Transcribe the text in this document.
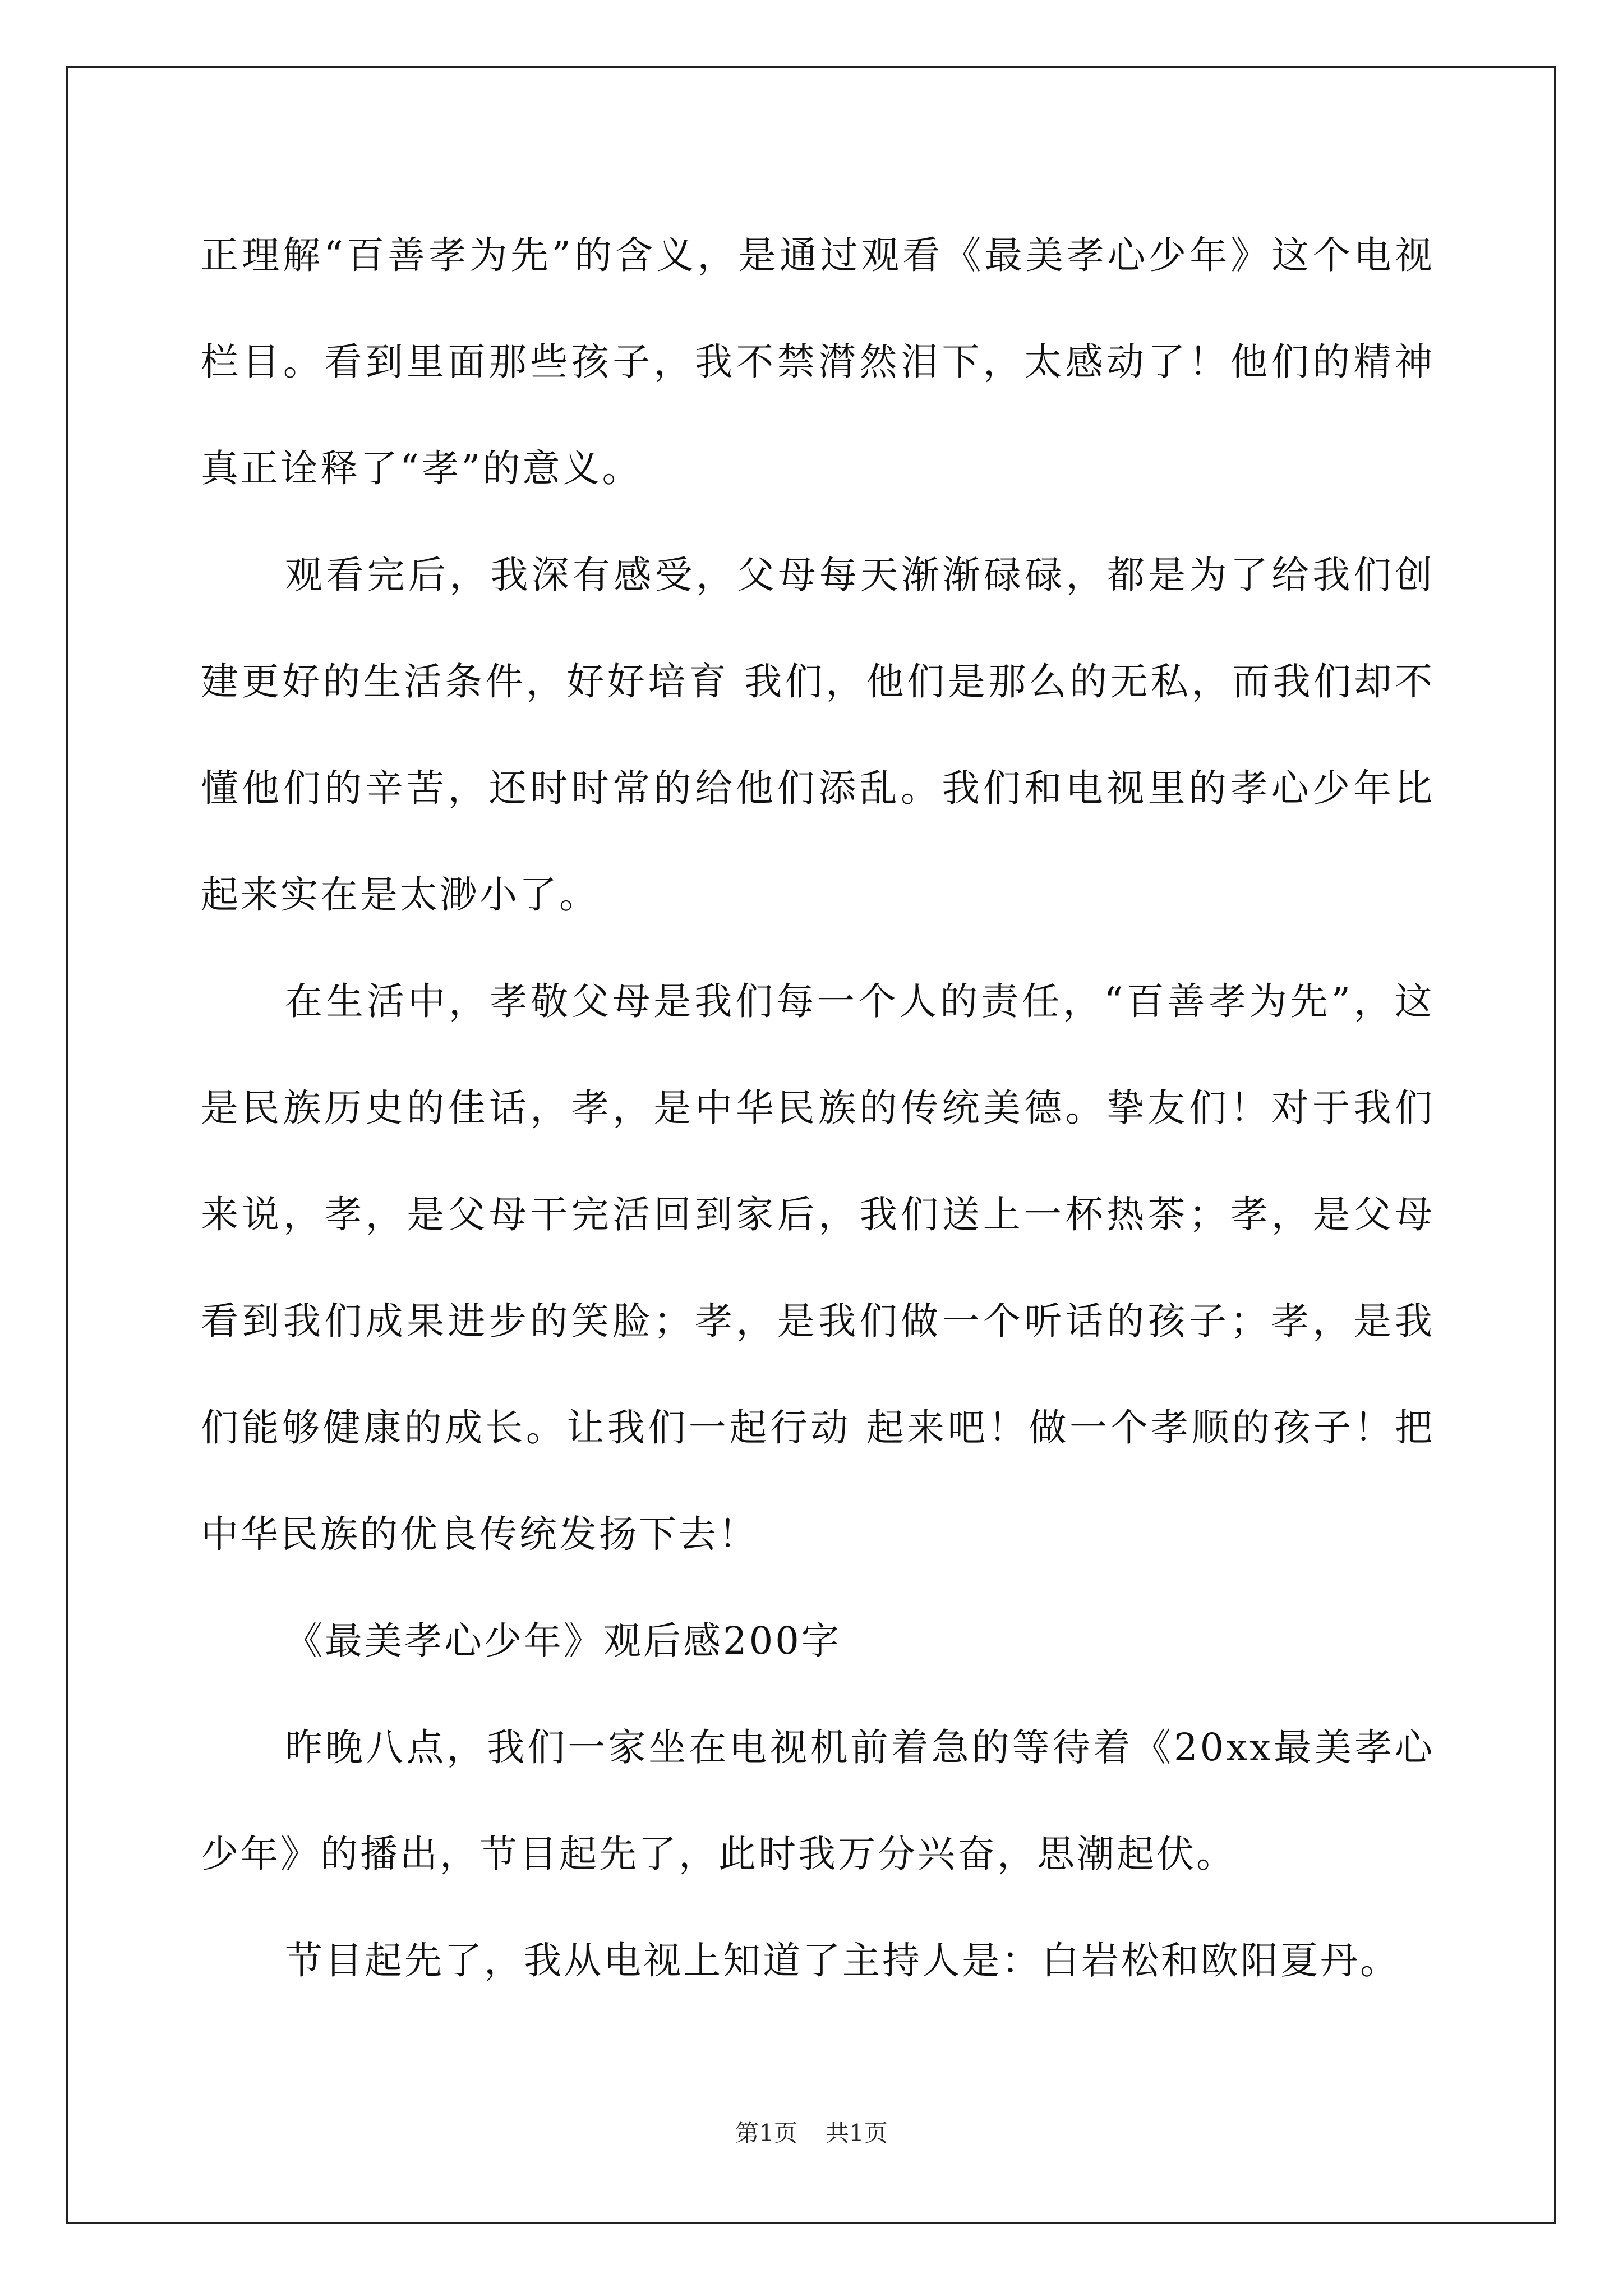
正理解“百善孝为先”的含义，是通过观看《最美孝心少年》这个电视栏目。看到里面那些孩子，我不禁潸然泪下，太感动了！他们的精神真正诠释了“孝”的意义。

观看完后，我深有感受，父母每天渐渐碌碌，都是为了给我们创建更好的生活条件，好好培育 我们，他们是那么的无私，而我们却不懂他们的辛苦，还时时常的给他们添乱。我们和电视里的孝心少年比起来实在是太渺小了。

在生活中，孝敬父母是我们每一个人的责任，“百善孝为先”，这是民族历史的佳话，孝，是中华民族的传统美德。挚友们！对于我们来说，孝，是父母干完活回到家后，我们送上一杯热茶；孝，是父母看到我们成果进步的笑脸；孝，是我们做一个听话的孩子；孝，是我们能够健康的成长。让我们一起行动 起来吧！做一个孝顺的孩子！把中华民族的优良传统发扬下去！

《最美孝心少年》观后感200字

昨晚八点，我们一家坐在电视机前着急的等待着《20xx最美孝心少年》的播出，节目起先了，此时我万分兴奋，思潮起伏。

节目起先了，我从电视上知道了主持人是：白岩松和欧阳夏丹。

第1页 共1页
